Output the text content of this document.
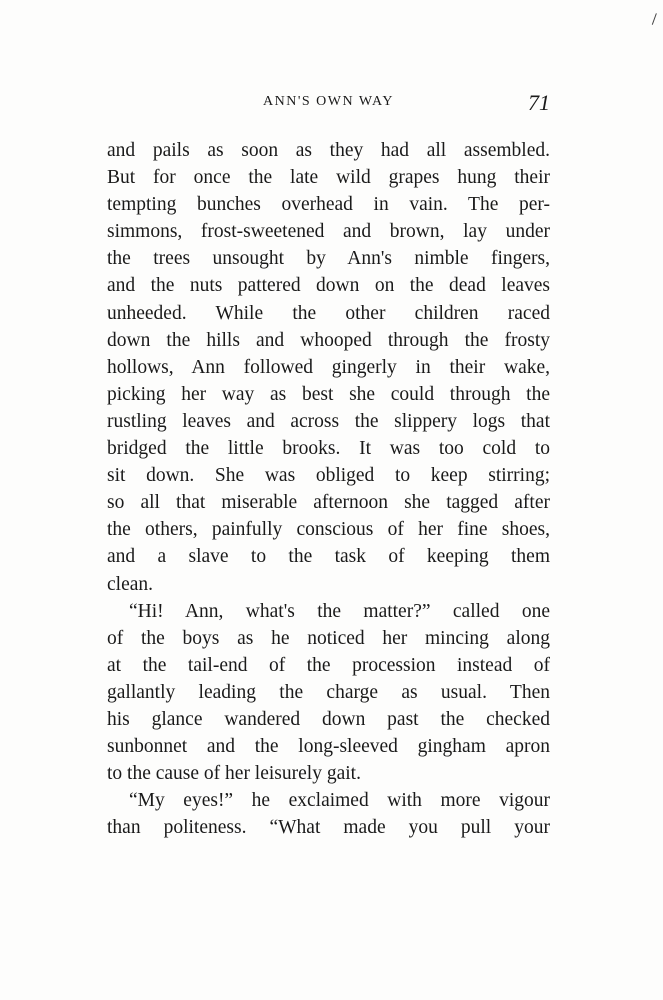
ANN'S OWN WAY	71
and pails as soon as they had all assembled.
But for once the late wild grapes hung their
tempting bunches overhead in vain. The per-
simmons, frost-sweetened and brown, lay under
the trees unsought by Ann's nimble fingers,
and the nuts pattered down on the dead leaves
unheeded. While the other children raced
down the hills and whooped through the frosty
hollows, Ann followed gingerly in their wake,
picking her way as best she could through the
rustling leaves and across the slippery logs that
bridged the little brooks. It was too cold to
sit down. She was obliged to keep stirring;
so all that miserable afternoon she tagged after
the others, painfully conscious of her fine shoes,
and a slave to the task of keeping them
clean.
“Hi! Ann, what's the matter?” called one
of the boys as he noticed her mincing along
at the tail-end of the procession instead of
gallantly leading the charge as usual. Then
his glance wandered down past the checked
sunbonnet and the long-sleeved gingham apron
to the cause of her leisurely gait.
“My eyes!” he exclaimed with more vigour
than politeness. “What made you pull your
